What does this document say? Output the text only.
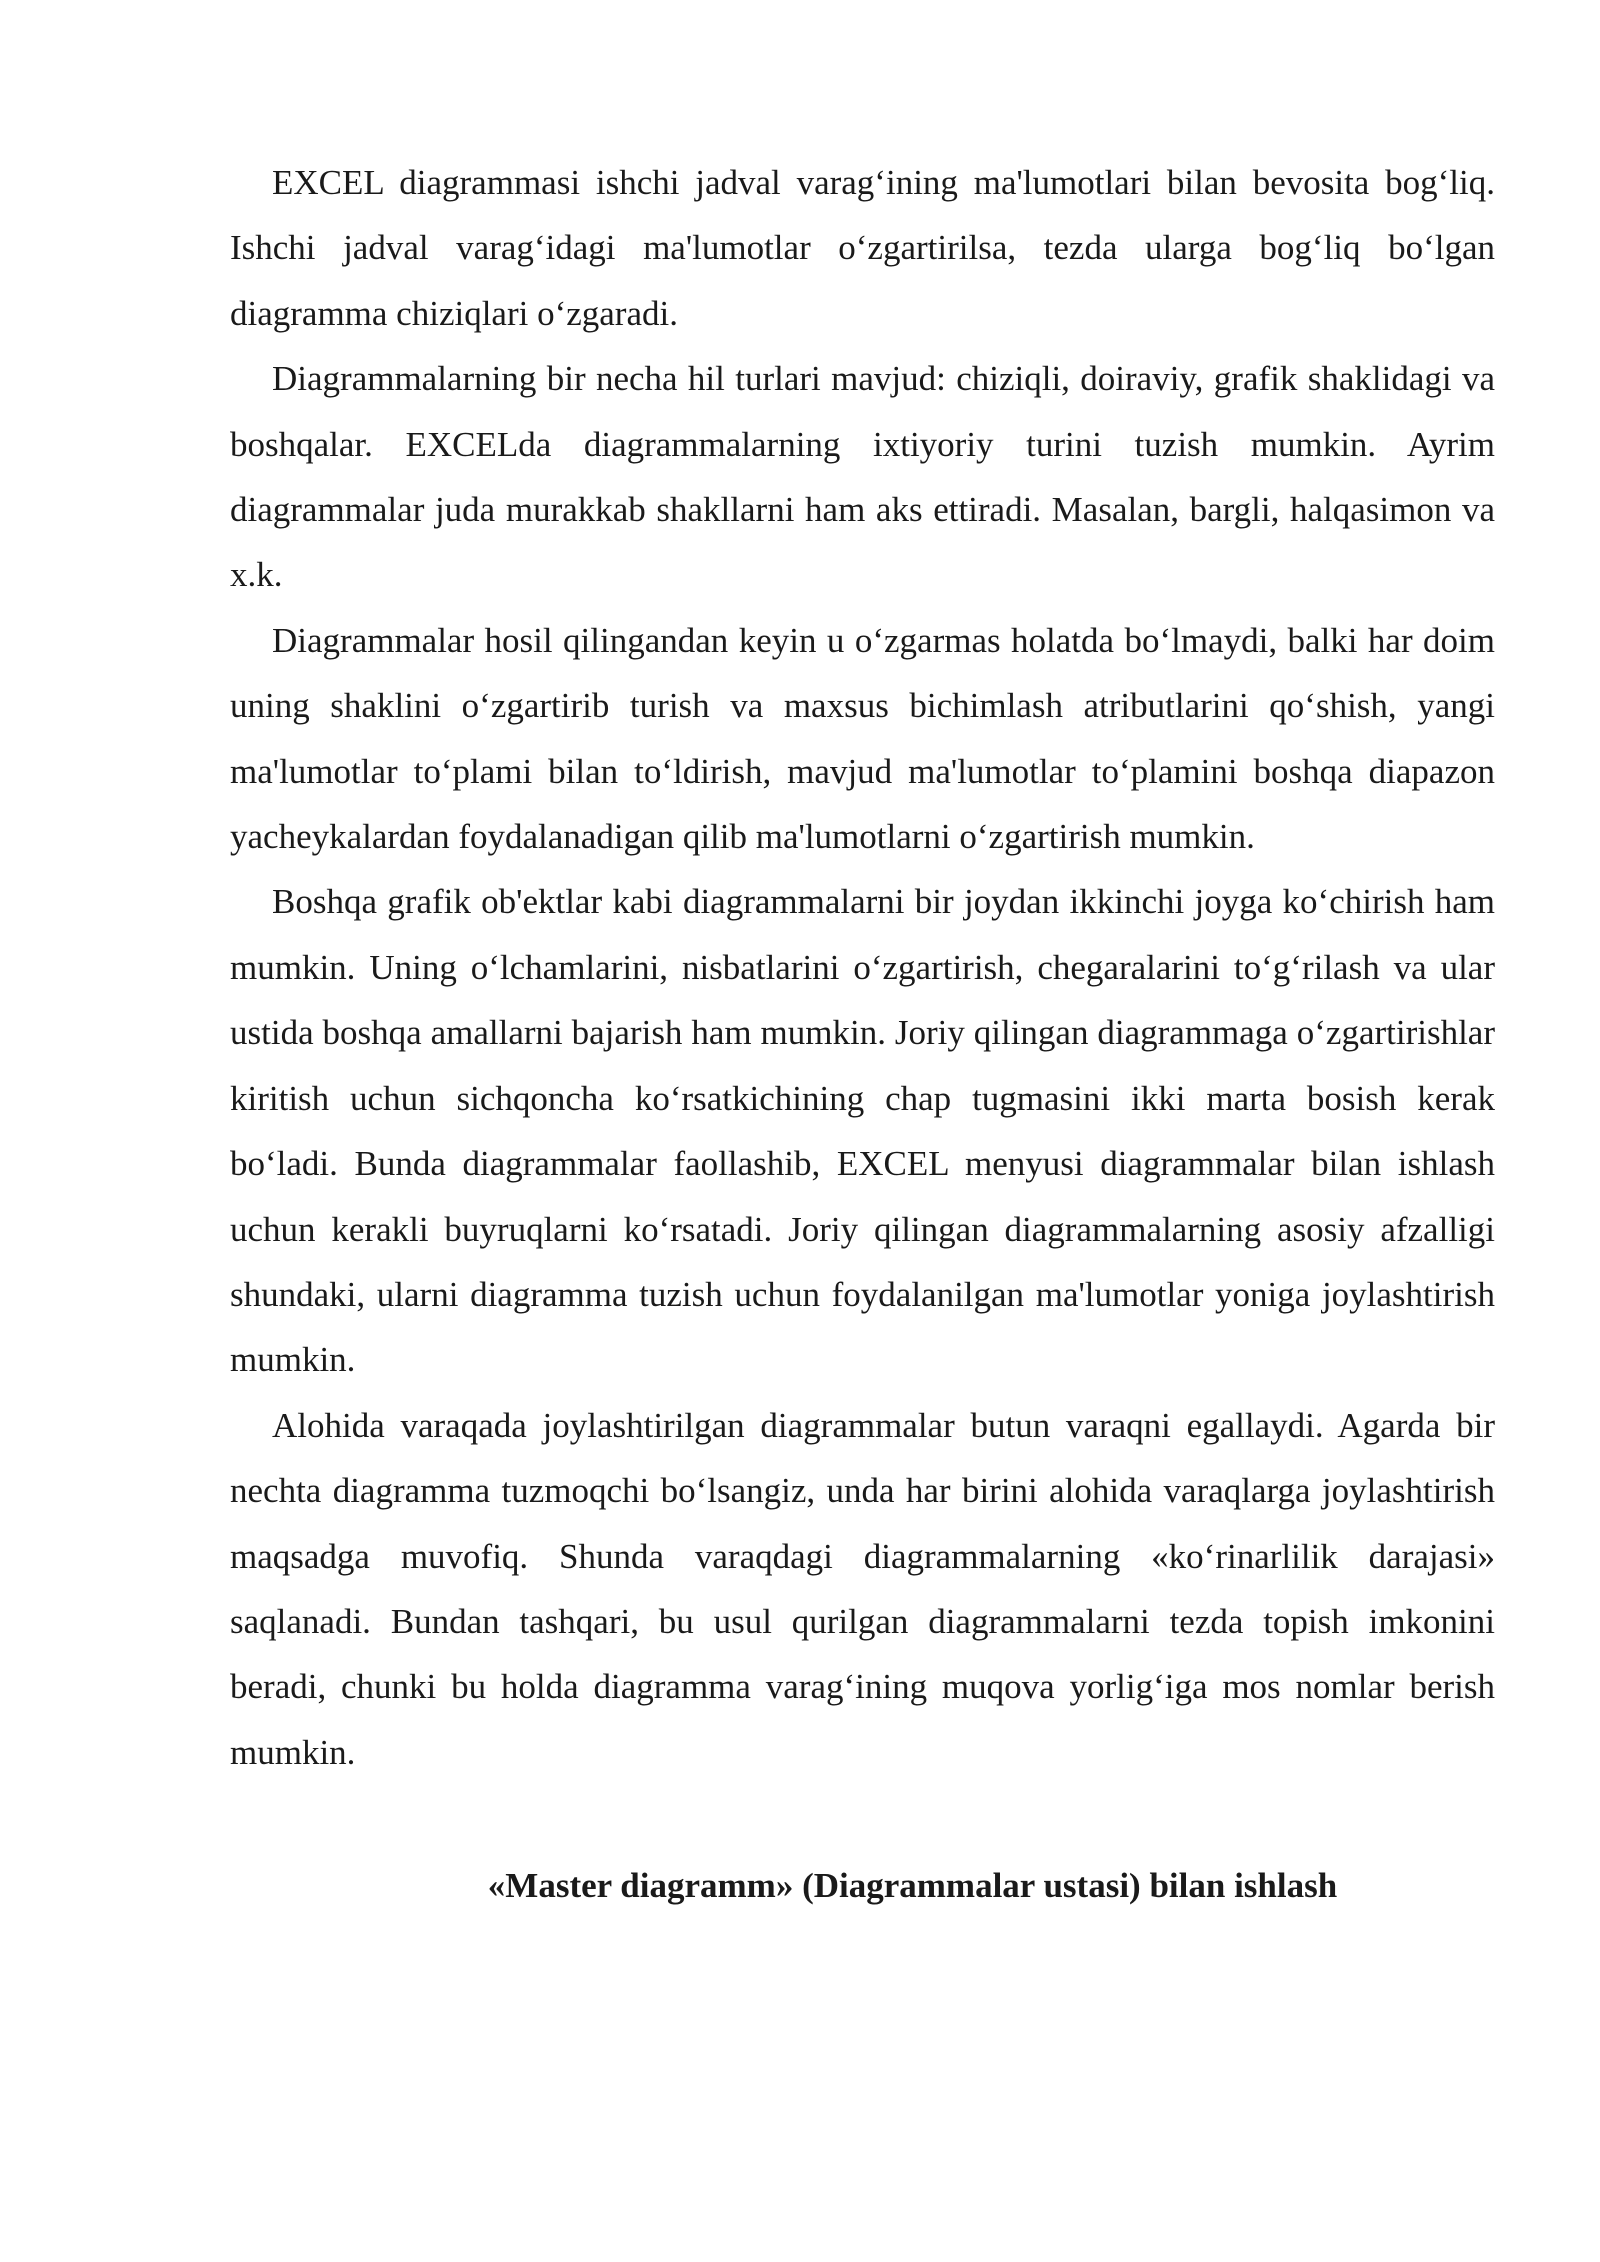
EXCEL diagrammasi ishchi jadval varag‘ining ma'lumotlari bilan bevosita bog‘liq. Ishchi jadval varag‘idagi ma'lumotlar o‘zgartirilsa, tezda ularga bog‘liq bo‘lgan diagramma chiziqlari o‘zgaradi.

Diagrammalarning bir necha hil turlari mavjud: chiziqli, doiraviy, grafik shaklidagi va boshqalar. EXCELda diagrammalarning ixtiyoriy turini tuzish mumkin. Ayrim diagrammalar juda murakkab shakllarni ham aks ettiradi. Masalan, bargli, halqasimon va x.k.

Diagrammalar hosil qilingandan keyin u o‘zgarmas holatda bo‘lmaydi, balki har doim uning shaklini o‘zgartirib turish va maxsus bichimlash atributlarini qo‘shish, yangi ma'lumotlar to‘plami bilan to‘ldirish, mavjud ma'lumotlar to‘plamini boshqa diapazon yacheykalardan foydalanadigan qilib ma'lumotlarni o‘zgartirish mumkin.

Boshqa grafik ob'ektlar kabi diagrammalarni bir joydan ikkinchi joyga ko‘chirish ham mumkin. Uning o‘lchamlarini, nisbatlarini o‘zgartirish, chegaralarini to‘g‘rilash va ular ustida boshqa amallarni bajarish ham mumkin. Joriy qilingan diagrammaga o‘zgartirishlar kiritish uchun sichqoncha ko‘rsatkichining chap tugmasini ikki marta bosish kerak bo‘ladi. Bunda diagrammalar faollashib, EXCEL menyusi diagrammalar bilan ishlash uchun kerakli buyruqlarni ko‘rsatadi. Joriy qilingan diagrammalarning asosiy afzalligi shundaki, ularni diagramma tuzish uchun foydalanilgan ma'lumotlar yoniga joylashtirish mumkin.

Alohida varaqada joylashtirilgan diagrammalar butun varaqni egallaydi. Agarda bir nechta diagramma tuzmoqchi bo‘lsangiz, unda har birini alohida varaqlarga joylashtirish maqsadga muvofiq. Shunda varaqdagi diagrammalarning «ko‘rinarlilik darajasi» saqlanadi. Bundan tashqari, bu usul qurilgan diagrammalarni tezda topish imkonini beradi, chunki bu holda diagramma varag‘ining muqova yorlig‘iga mos nomlar berish mumkin.

«Master diagramm» (Diagrammalar ustasi) bilan ishlash
